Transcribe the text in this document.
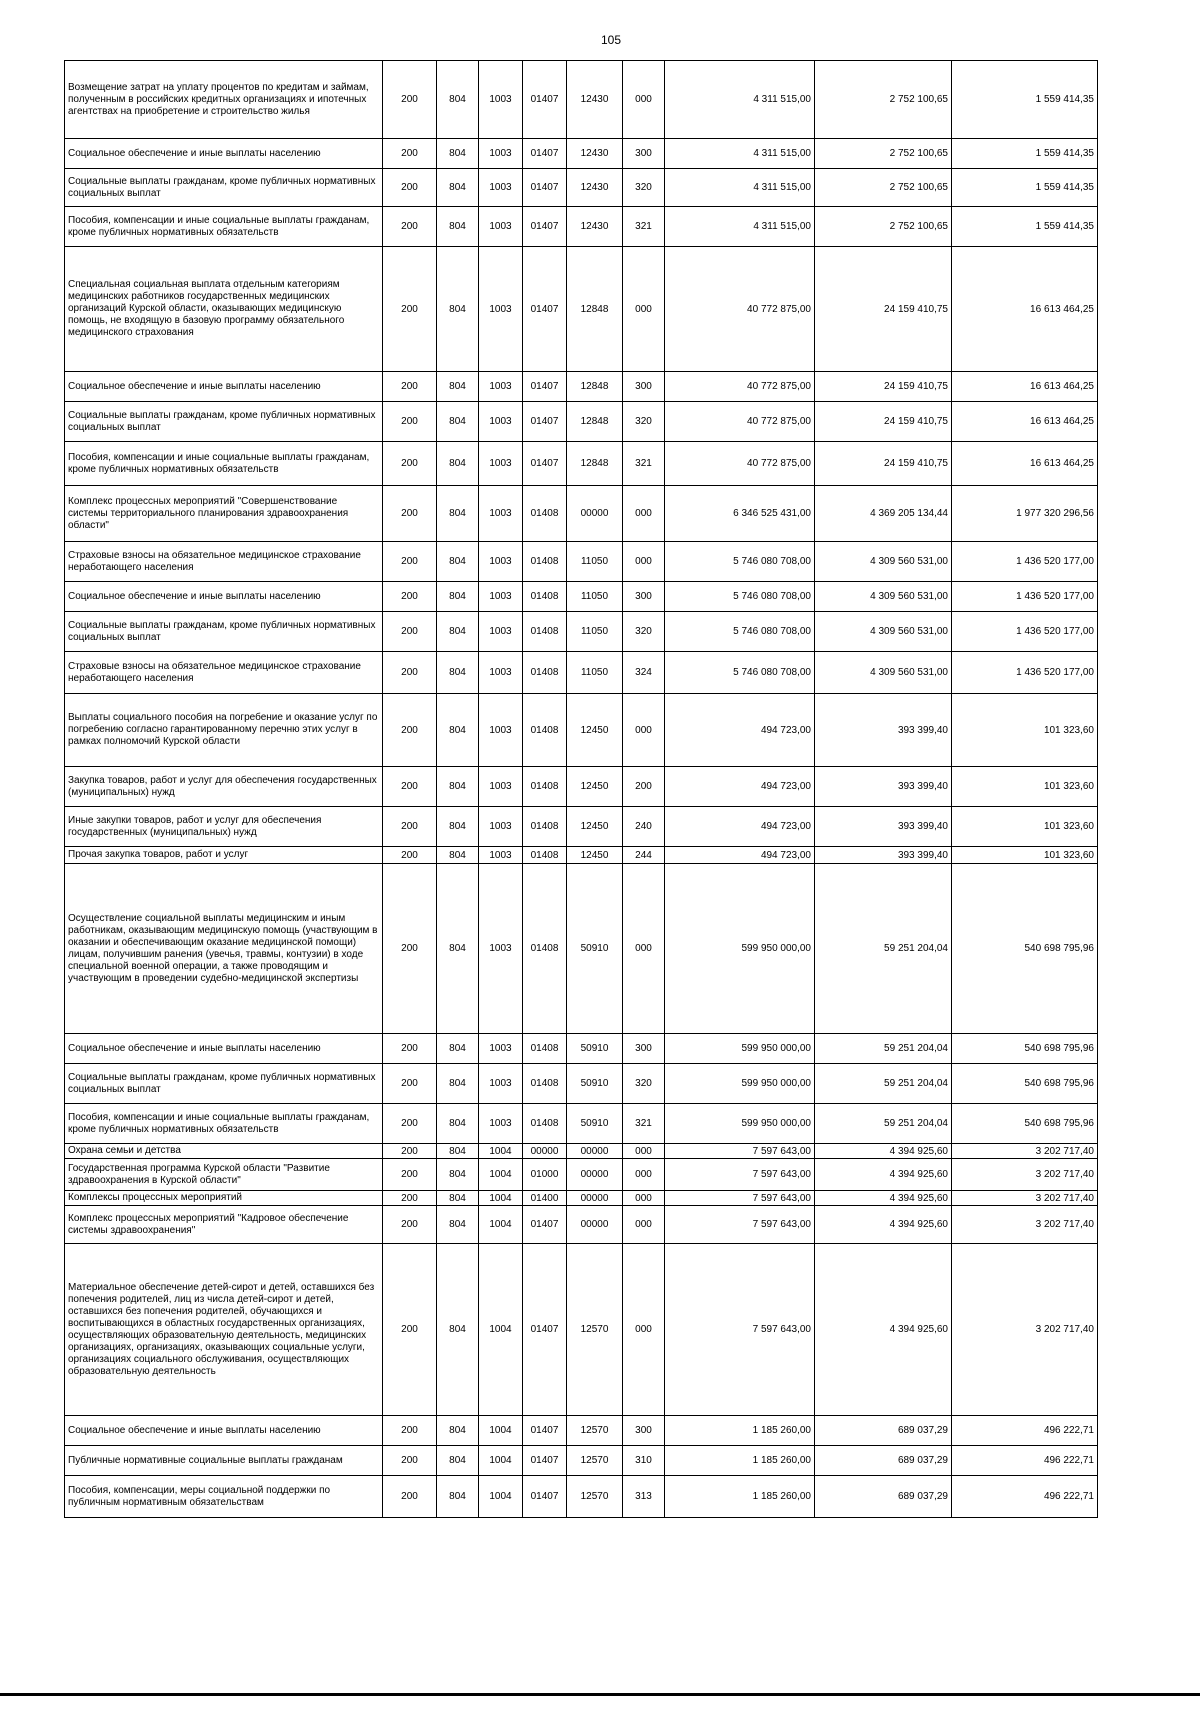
105
Возмещение затрат на уплату процентов по кредитам и займам, полученным в российских кредитных организациях и ипотечных агентствах на приобретение и строительство жилья	200	804	1003	01407	12430	000	4 311 515,00	2 752 100,65	1 559 414,35
Социальное обеспечение и иные выплаты населению	200	804	1003	01407	12430	300	4 311 515,00	2 752 100,65	1 559 414,35
Социальные выплаты гражданам, кроме публичных нормативных социальных выплат	200	804	1003	01407	12430	320	4 311 515,00	2 752 100,65	1 559 414,35
Пособия, компенсации и иные социальные выплаты гражданам, кроме публичных нормативных обязательств	200	804	1003	01407	12430	321	4 311 515,00	2 752 100,65	1 559 414,35
Специальная социальная выплата отдельным категориям медицинских работников государственных медицинских организаций Курской области, оказывающих медицинскую помощь, не входящую в базовую программу обязательного медицинского страхования	200	804	1003	01407	12848	000	40 772 875,00	24 159 410,75	16 613 464,25
Социальное обеспечение и иные выплаты населению	200	804	1003	01407	12848	300	40 772 875,00	24 159 410,75	16 613 464,25
Социальные выплаты гражданам, кроме публичных нормативных социальных выплат	200	804	1003	01407	12848	320	40 772 875,00	24 159 410,75	16 613 464,25
Пособия, компенсации и иные социальные выплаты гражданам, кроме публичных нормативных обязательств	200	804	1003	01407	12848	321	40 772 875,00	24 159 410,75	16 613 464,25
Комплекс процессных мероприятий "Совершенствование системы территориального планирования здравоохранения области"	200	804	1003	01408	00000	000	6 346 525 431,00	4 369 205 134,44	1 977 320 296,56
Страховые взносы на обязательное медицинское страхование неработающего населения	200	804	1003	01408	11050	000	5 746 080 708,00	4 309 560 531,00	1 436 520 177,00
Социальное обеспечение и иные выплаты населению	200	804	1003	01408	11050	300	5 746 080 708,00	4 309 560 531,00	1 436 520 177,00
Социальные выплаты гражданам, кроме публичных нормативных социальных выплат	200	804	1003	01408	11050	320	5 746 080 708,00	4 309 560 531,00	1 436 520 177,00
Страховые взносы на обязательное медицинское страхование неработающего населения	200	804	1003	01408	11050	324	5 746 080 708,00	4 309 560 531,00	1 436 520 177,00
Выплаты социального пособия на погребение и оказание услуг по погребению согласно гарантированному перечню этих услуг в рамках полномочий Курской области	200	804	1003	01408	12450	000	494 723,00	393 399,40	101 323,60
Закупка товаров, работ и услуг для обеспечения государственных (муниципальных) нужд	200	804	1003	01408	12450	200	494 723,00	393 399,40	101 323,60
Иные закупки товаров, работ и услуг для обеспечения государственных (муниципальных) нужд	200	804	1003	01408	12450	240	494 723,00	393 399,40	101 323,60
Прочая закупка товаров, работ и услуг	200	804	1003	01408	12450	244	494 723,00	393 399,40	101 323,60
Осуществление социальной выплаты медицинским и иным работникам, оказывающим медицинскую помощь (участвующим в оказании и обеспечивающим оказание медицинской помощи) лицам, получившим ранения (увечья, травмы, контузии) в ходе специальной военной операции, а также проводящим и участвующим в проведении судебно-медицинской экспертизы	200	804	1003	01408	50910	000	599 950 000,00	59 251 204,04	540 698 795,96
Социальное обеспечение и иные выплаты населению	200	804	1003	01408	50910	300	599 950 000,00	59 251 204,04	540 698 795,96
Социальные выплаты гражданам, кроме публичных нормативных социальных выплат	200	804	1003	01408	50910	320	599 950 000,00	59 251 204,04	540 698 795,96
Пособия, компенсации и иные социальные выплаты гражданам, кроме публичных нормативных обязательств	200	804	1003	01408	50910	321	599 950 000,00	59 251 204,04	540 698 795,96
Охрана семьи и детства	200	804	1004	00000	00000	000	7 597 643,00	4 394 925,60	3 202 717,40
Государственная программа Курской области "Развитие здравоохранения в Курской области"	200	804	1004	01000	00000	000	7 597 643,00	4 394 925,60	3 202 717,40
Комплексы процессных мероприятий	200	804	1004	01400	00000	000	7 597 643,00	4 394 925,60	3 202 717,40
Комплекс процессных мероприятий "Кадровое обеспечение системы здравоохранения"	200	804	1004	01407	00000	000	7 597 643,00	4 394 925,60	3 202 717,40
Материальное обеспечение детей-сирот и детей, оставшихся без попечения родителей, лиц из числа детей-сирот и детей, оставшихся без попечения родителей, обучающихся и воспитывающихся в областных государственных организациях, осуществляющих образовательную деятельность, медицинских организациях, организациях, оказывающих социальные услуги, организациях социального обслуживания, осуществляющих образовательную деятельность	200	804	1004	01407	12570	000	7 597 643,00	4 394 925,60	3 202 717,40
Социальное обеспечение и иные выплаты населению	200	804	1004	01407	12570	300	1 185 260,00	689 037,29	496 222,71
Публичные нормативные социальные выплаты гражданам	200	804	1004	01407	12570	310	1 185 260,00	689 037,29	496 222,71
Пособия, компенсации, меры социальной поддержки по публичным нормативным обязательствам	200	804	1004	01407	12570	313	1 185 260,00	689 037,29	496 222,71
